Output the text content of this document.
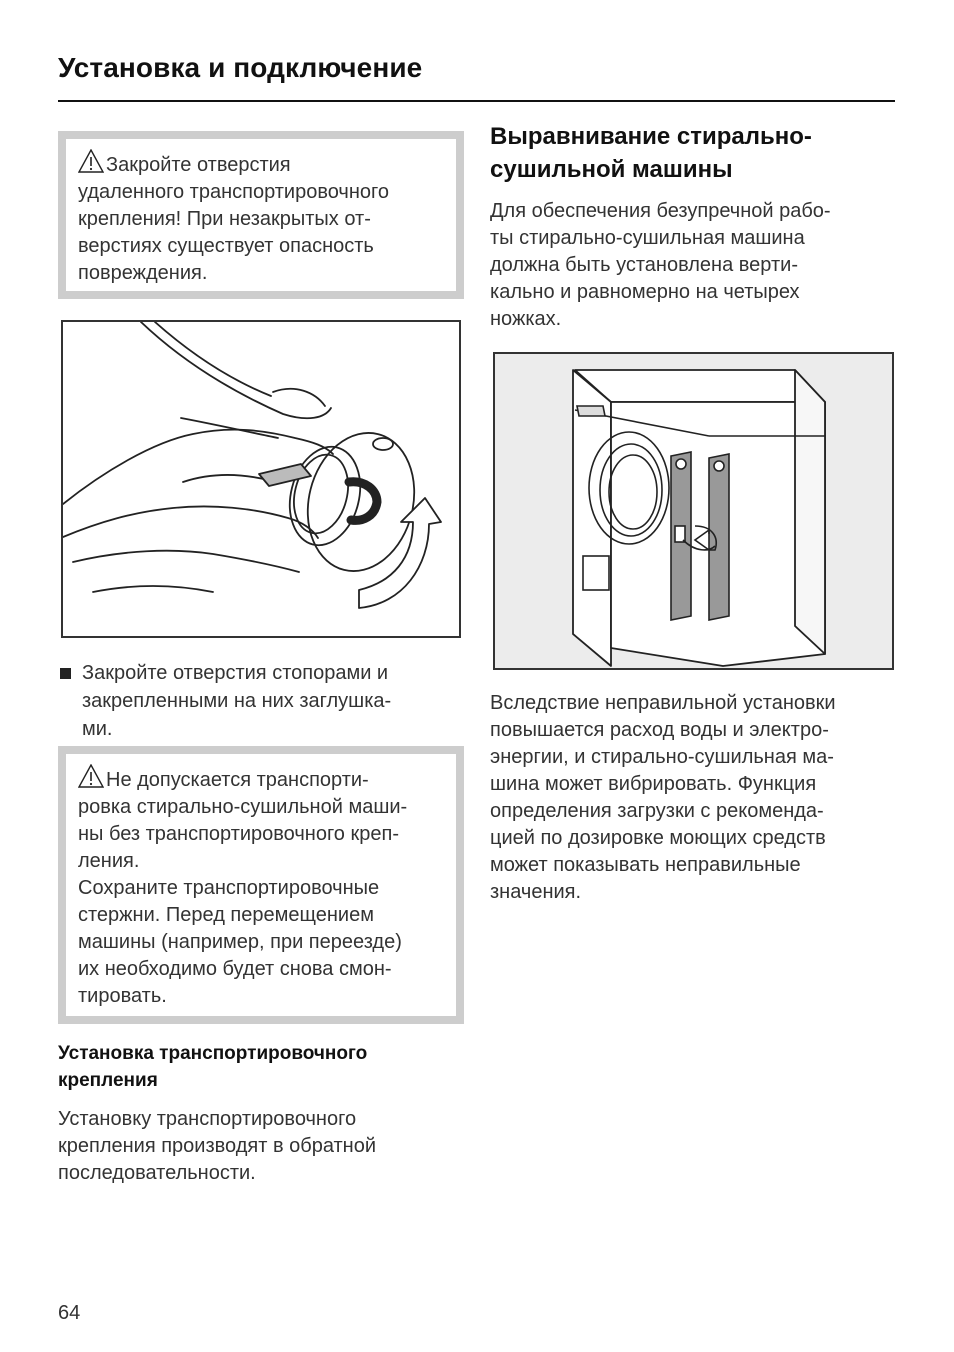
Установка и подключение

Закройте отверстия
удаленного транспортировочного
крепления! При незакрытых от-
верстиях существует опасность
повреждения.

Закройте отверстия стопорами и
закрепленными на них заглушка-
ми.

Не допускается транспорти-
ровка стирально-сушильной маши-
ны без транспортировочного креп-
ления.
Сохраните транспортировочные
стержни. Перед перемещением
машины (например, при переезде)
их необходимо будет снова смон-
тировать.

Установка транспортировочного
крепления

Установку транспортировочного
крепления производят в обратной
последовательности.

Выравнивание стирально-
сушильной машины

Для обеспечения безупречной рабо-
ты стирально-сушильная машина
должна быть установлена верти-
кально и равномерно на четырех
ножках.

Вследствие неправильной установки
повышается расход воды и электро-
энергии, и стирально-сушильная ма-
шина может вибрировать. Функция
определения загрузки с рекоменда-
цией по дозировке моющих средств
может показывать неправильные
значения.

64
